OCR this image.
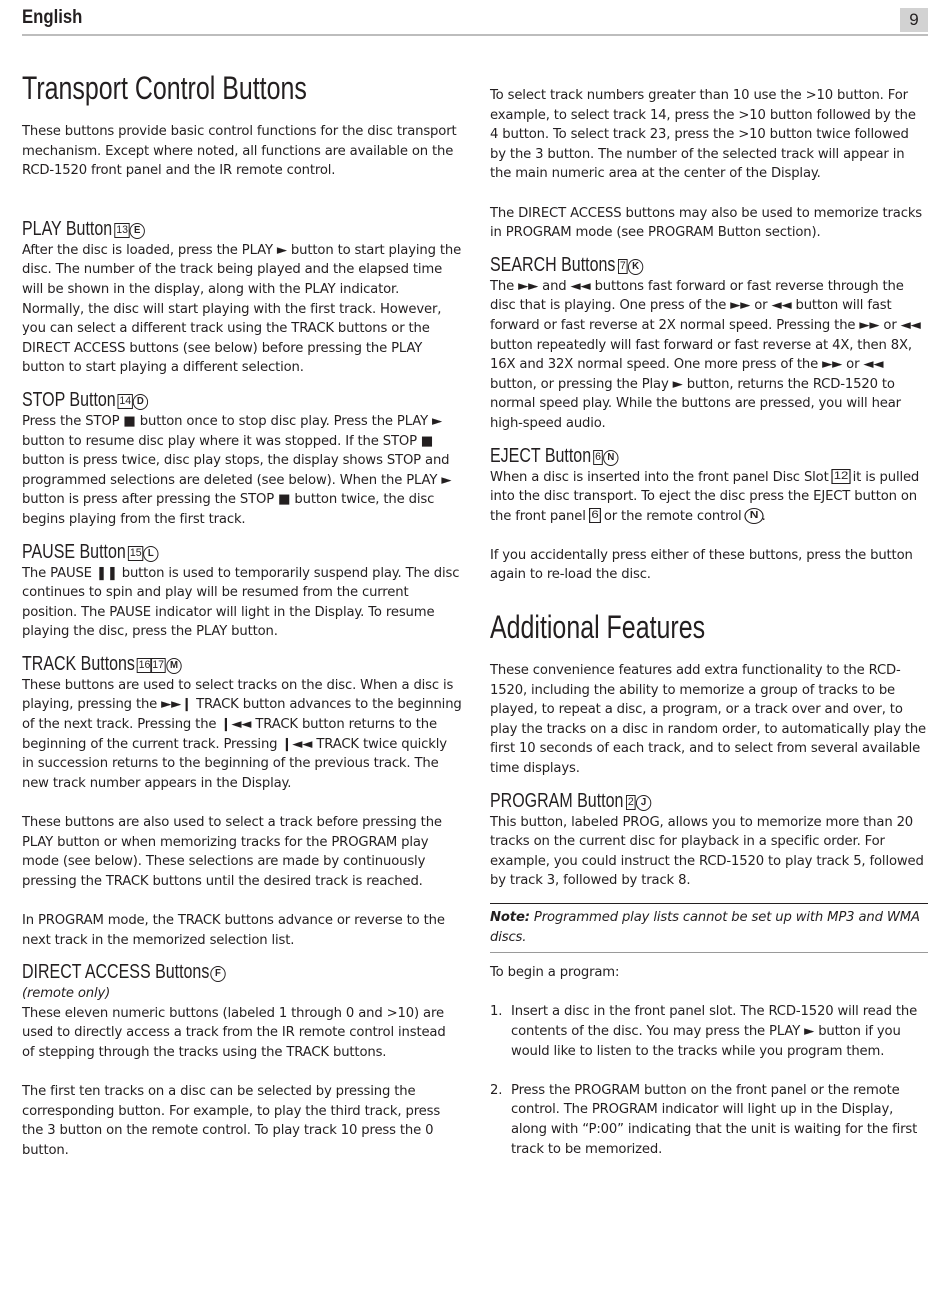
English	9
Transport Control Buttons

These buttons provide basic control functions for the disc transport mechanism. Except where noted, all functions are available on the RCD-1520 front panel and the IR remote control.

PLAY Button 13 E

After the disc is loaded, press the PLAY ► button to start playing the disc. The number of the track being played and the elapsed time will be shown in the display, along with the PLAY indicator. Normally, the disc will start playing with the first track. However, you can select a different track using the TRACK buttons or the DIRECT ACCESS buttons (see below) before pressing the PLAY button to start playing a different selection.

STOP Button 14 D

Press the STOP ■ button once to stop disc play. Press the PLAY ► button to resume disc play where it was stopped. If the STOP ■ button is press twice, disc play stops, the display shows STOP and programmed selections are deleted (see below). When the PLAY ► button is press after pressing the STOP ■ button twice, the disc begins playing from the first track.

PAUSE Button 15 L

The PAUSE ❚❚ button is used to temporarily suspend play. The disc continues to spin and play will be resumed from the current position. The PAUSE indicator will light in the Display. To resume playing the disc, press the PLAY button.

TRACK Buttons 16 17 M

These buttons are used to select tracks on the disc. When a disc is playing, pressing the ►►❙ TRACK button advances to the beginning of the next track. Pressing the ❙◄◄ TRACK button returns to the beginning of the current track. Pressing ❙◄◄ TRACK twice quickly in succession returns to the beginning of the previous track. The new track number appears in the Display.

These buttons are also used to select a track before pressing the PLAY button or when memorizing tracks for the PROGRAM play mode (see below). These selections are made by continuously pressing the TRACK buttons until the desired track is reached.

In PROGRAM mode, the TRACK buttons advance or reverse to the next track in the memorized selection list.

DIRECT ACCESS Buttons F

(remote only)

These eleven numeric buttons (labeled 1 through 0 and >10) are used to directly access a track from the IR remote control instead of stepping through the tracks using the TRACK buttons.

The first ten tracks on a disc can be selected by pressing the corresponding button. For example, to play the third track, press the 3 button on the remote control. To play track 10 press the 0 button.

To select track numbers greater than 10 use the >10 button. For example, to select track 14, press the >10 button followed by the 4 button. To select track 23, press the >10 button twice followed by the 3 button. The number of the selected track will appear in the main numeric area at the center of the Display.

The DIRECT ACCESS buttons may also be used to memorize tracks in PROGRAM mode (see PROGRAM Button section).

SEARCH Buttons 7 K

The ►► and ◄◄ buttons fast forward or fast reverse through the disc that is playing. One press of the ►► or ◄◄ button will fast forward or fast reverse at 2X normal speed. Pressing the ►► or ◄◄ button repeatedly will fast forward or fast reverse at 4X, then 8X, 16X and 32X normal speed. One more press of the ►► or ◄◄ button, or pressing the Play ► button, returns the RCD-1520 to normal speed play. While the buttons are pressed, you will hear high-speed audio.

EJECT Button 6 N

When a disc is inserted into the front panel Disc Slot 12 it is pulled into the disc transport. To eject the disc press the EJECT button on the front panel 6 or the remote control N .

If you accidentally press either of these buttons, press the button again to re-load the disc.

Additional Features

These convenience features add extra functionality to the RCD-1520, including the ability to memorize a group of tracks to be played, to repeat a disc, a program, or a track over and over, to play the tracks on a disc in random order, to automatically play the first 10 seconds of each track, and to select from several available time displays.

PROGRAM Button 2 J

This button, labeled PROG, allows you to memorize more than 20 tracks on the current disc for playback in a specific order. For example, you could instruct the RCD-1520 to play track 5, followed by track 3, followed by track 8.

Note: Programmed play lists cannot be set up with MP3 and WMA discs.

To begin a program:

1. Insert a disc in the front panel slot. The RCD-1520 will read the contents of the disc. You may press the PLAY ► button if you would like to listen to the tracks while you program them.
2. Press the PROGRAM button on the front panel or the remote control. The PROGRAM indicator will light up in the Display, along with “P:00” indicating that the unit is waiting for the first track to be memorized.
